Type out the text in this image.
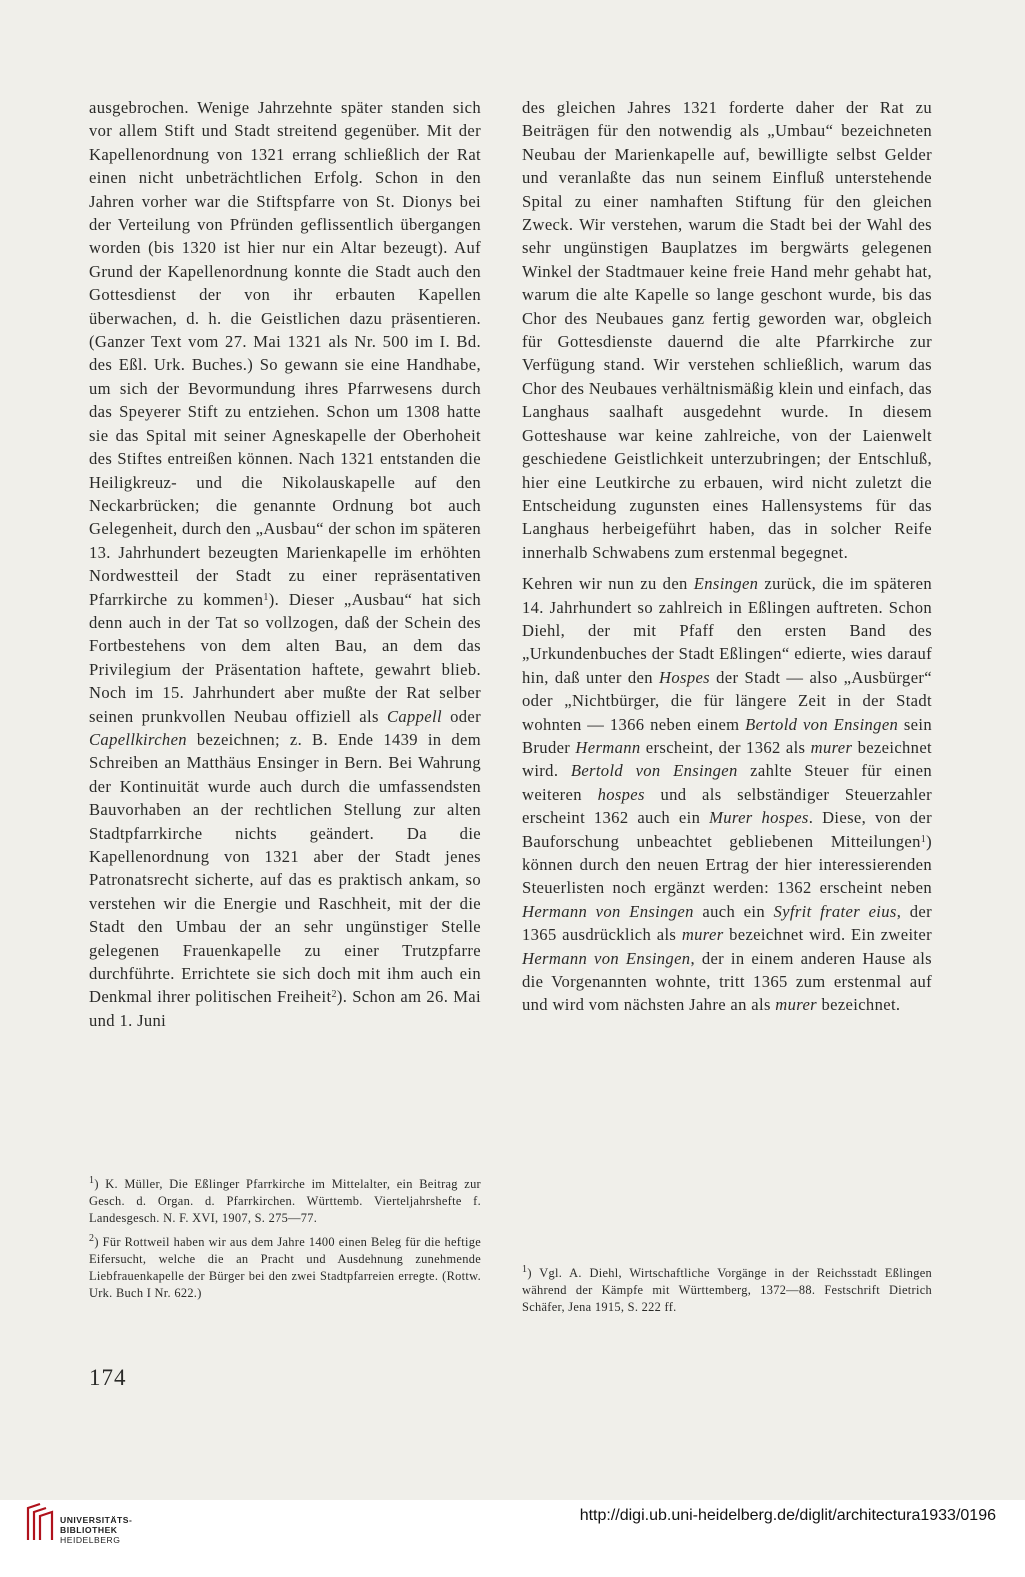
ausgebrochen. Wenige Jahrzehnte später standen sich vor allem Stift und Stadt streitend gegenüber. Mit der Kapellenordnung von 1321 errang schließlich der Rat einen nicht unbeträchtlichen Erfolg. Schon in den Jahren vorher war die Stiftspfarre von St. Dionys bei der Verteilung von Pfründen geflissentlich übergangen worden (bis 1320 ist hier nur ein Altar bezeugt). Auf Grund der Kapellenordnung konnte die Stadt auch den Gottesdienst der von ihr erbauten Kapellen überwachen, d. h. die Geistlichen dazu präsentieren. (Ganzer Text vom 27. Mai 1321 als Nr. 500 im I. Bd. des Eßl. Urk. Buches.) So gewann sie eine Handhabe, um sich der Bevormundung ihres Pfarrwesens durch das Speyerer Stift zu entziehen. Schon um 1308 hatte sie das Spital mit seiner Agneskapelle der Oberhoheit des Stiftes entreißen können. Nach 1321 entstanden die Heiligkreuz- und die Nikolauskapelle auf den Neckarbrücken; die genannte Ordnung bot auch Gelegenheit, durch den „Ausbau“ der schon im späteren 13. Jahrhundert bezeugten Marienkapelle im erhöhten Nordwestteil der Stadt zu einer repräsentativen Pfarrkirche zu kommen$^1$). Dieser „Ausbau“ hat sich denn auch in der Tat so vollzogen, daß der Schein des Fortbestehens von dem alten Bau, an dem das Privilegium der Präsentation haftete, gewahrt blieb. Noch im 15. Jahrhundert aber mußte der Rat selber seinen prunkvollen Neubau offiziell als Cappell oder Capellkirchen bezeichnen; z. B. Ende 1439 in dem Schreiben an Matthäus Ensinger in Bern. Bei Wahrung der Kontinuität wurde auch durch die umfassendsten Bauvorhaben an der rechtlichen Stellung zur alten Stadtpfarrkirche nichts geändert. Da die Kapellenordnung von 1321 aber der Stadt jenes Patronatsrecht sicherte, auf das es praktisch ankam, so verstehen wir die Energie und Raschheit, mit der die Stadt den Umbau der an sehr ungünstiger Stelle gelegenen Frauenkapelle zu einer Trutzpfarre durchführte. Errichtete sie sich doch mit ihm auch ein Denkmal ihrer politischen Freiheit$^2$). Schon am 26. Mai und 1. Juni

des gleichen Jahres 1321 forderte daher der Rat zu Beiträgen für den notwendig als „Umbau“ bezeichneten Neubau der Marienkapelle auf, bewilligte selbst Gelder und veranlaßte das nun seinem Einfluß unterstehende Spital zu einer namhaften Stiftung für den gleichen Zweck. Wir verstehen, warum die Stadt bei der Wahl des sehr ungünstigen Bauplatzes im bergwärts gelegenen Winkel der Stadtmauer keine freie Hand mehr gehabt hat, warum die alte Kapelle so lange geschont wurde, bis das Chor des Neubaues ganz fertig geworden war, obgleich für Gottesdienste dauernd die alte Pfarrkirche zur Verfügung stand. Wir verstehen schließlich, warum das Chor des Neubaues verhältnismäßig klein und einfach, das Langhaus saalhaft ausgedehnt wurde. In diesem Gotteshause war keine zahlreiche, von der Laienwelt geschiedene Geistlichkeit unterzubringen; der Entschluß, hier eine Leutkirche zu erbauen, wird nicht zuletzt die Entscheidung zugunsten eines Hallensystems für das Langhaus herbeigeführt haben, das in solcher Reife innerhalb Schwabens zum erstenmal begegnet.

Kehren wir nun zu den Ensingen zurück, die im späteren 14. Jahrhundert so zahlreich in Eßlingen auftreten. Schon Diehl, der mit Pfaff den ersten Band des „Urkundenbuches der Stadt Eßlingen“ edierte, wies darauf hin, daß unter den Hospes der Stadt — also „Ausbürger“ oder „Nichtbürger, die für längere Zeit in der Stadt wohnten — 1366 neben einem Bertold von Ensingen sein Bruder Hermann erscheint, der 1362 als murer bezeichnet wird. Bertold von Ensingen zahlte Steuer für einen weiteren hospes und als selbständiger Steuerzahler erscheint 1362 auch ein Murer hospes. Diese, von der Bauforschung unbeachtet gebliebenen Mitteilungen$^1$) können durch den neuen Ertrag der hier interessierenden Steuerlisten noch ergänzt werden: 1362 erscheint neben Hermann von Ensingen auch ein Syfrit frater eius, der 1365 ausdrücklich als murer bezeichnet wird. Ein zweiter Hermann von Ensingen, der in einem anderen Hause als die Vorgenannten wohnte, tritt 1365 zum erstenmal auf und wird vom nächsten Jahre an als murer bezeichnet.

$^1$) K. Müller, Die Eßlinger Pfarrkirche im Mittelalter, ein Beitrag zur Gesch. d. Organ. d. Pfarrkirchen. Württemb. Vierteljahrshefte f. Landesgesch. N. F. XVI, 1907, S. 275—77.

$^2$) Für Rottweil haben wir aus dem Jahre 1400 einen Beleg für die heftige Eifersucht, welche die an Pracht und Ausdehnung zunehmende Liebfrauenkapelle der Bürger bei den zwei Stadtpfarreien erregte. (Rottw. Urk. Buch I Nr. 622.)

$^1$) Vgl. A. Diehl, Wirtschaftliche Vorgänge in der Reichsstadt Eßlingen während der Kämpfe mit Württemberg, 1372—88. Festschrift Dietrich Schäfer, Jena 1915, S. 222 ff.

174
UNIVERSITÄTS-
BIBLIOTHEK
HEIDELBERG
http://digi.ub.uni-heidelberg.de/diglit/architectura1933/0196
